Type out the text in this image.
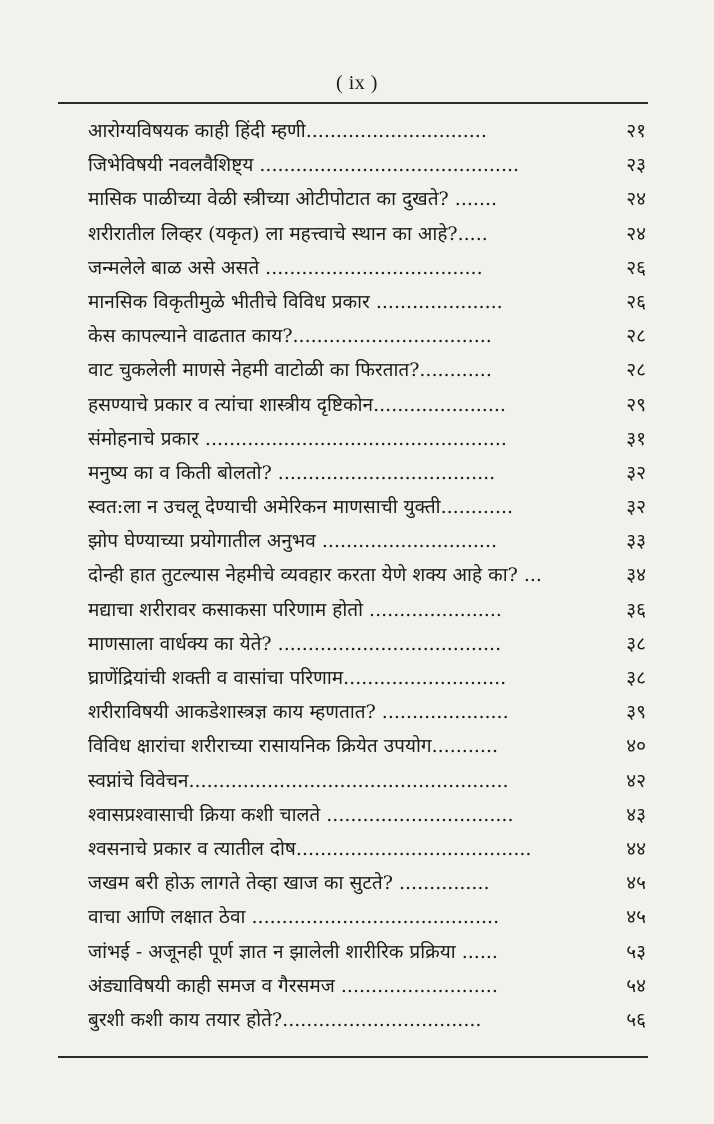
( ix )
आरोग्यविषयक काही हिंदी म्हणी..............................	२१
जिभेविषयी नवलवैशिष्ट्य ...........................................	२३
मासिक पाळीच्या वेळी स्त्रीच्या ओटीपोटात का दुखते? .......	२४
शरीरातील लिव्हर (यकृत) ला महत्त्वाचे स्थान का आहे?.....	२४
जन्मलेले बाळ असे असते ....................................	२६
मानसिक विकृतीमुळे भीतीचे विविध प्रकार .....................	२६
केस कापल्याने वाढतात काय?.................................	२८
वाट चुकलेली माणसे नेहमी वाटोळी का फिरतात?............	२८
हसण्याचे प्रकार व त्यांचा शास्त्रीय दृष्टिकोन......................	२९
संमोहनाचे प्रकार ..................................................	३१
मनुष्य का व किती बोलतो? ....................................	३२
स्वत:ला न उचलू देण्याची अमेरिकन माणसाची युक्ती............	३२
झोप घेण्याच्या प्रयोगातील अनुभव .............................	३३
दोन्ही हात तुटल्यास नेहमीचे व्यवहार करता येणे शक्य आहे का? ...	३४
मद्याचा शरीरावर कसाकसा परिणाम होतो ......................	३६
माणसाला वार्धक्य का येते? .....................................	३८
घ्राणेंद्रियांची शक्ती व वासांचा परिणाम...........................	३८
शरीराविषयी आकडेशास्त्रज्ञ काय म्हणतात? .....................	३९
विविध क्षारांचा शरीराच्या रासायनिक क्रियेत उपयोग...........	४०
स्वप्नांचे विवेचन.....................................................	४२
श्वासप्रश्वासाची क्रिया कशी चालते ...............................	४३
श्वसनाचे प्रकार व त्यातील दोष.......................................	४४
जखम बरी होऊ लागते तेव्हा खाज का सुटते? ...............	४५
वाचा आणि लक्षात ठेवा .........................................	४५
जांभई - अजूनही पूर्ण ज्ञात न झालेली शारीरिक प्रक्रिया ......	५३
अंड्याविषयी काही समज व गैरसमज ..........................	५४
बुरशी कशी काय तयार होते?.................................	५६
